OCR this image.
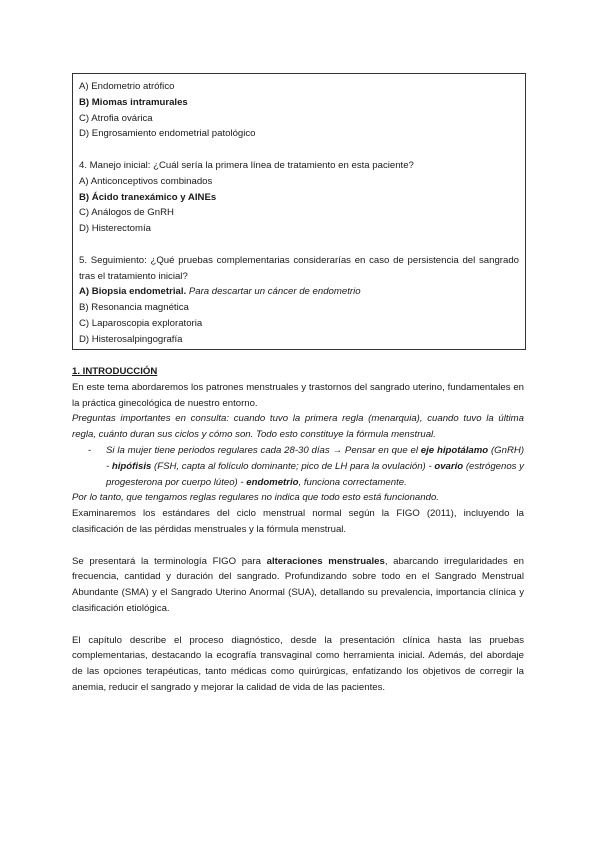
A) Endometrio atrófico

B) Miomas intramurales

C) Atrofia ovárica

D) Engrosamiento endometrial patológico

4. Manejo inicial: ¿Cuál sería la primera línea de tratamiento en esta paciente?

A) Anticonceptivos combinados

B) Ácido tranexámico y AINEs

C) Análogos de GnRH

D) Histerectomía

5. Seguimiento: ¿Qué pruebas complementarias considerarías en caso de persistencia del sangrado tras el tratamiento inicial?

A) Biopsia endometrial. Para descartar un cáncer de endometrio

B) Resonancia magnética

C) Laparoscopia exploratoria

D) Histerosalpingografía

1. INTRODUCCIÓN

En este tema abordaremos los patrones menstruales y trastornos del sangrado uterino, fundamentales en la práctica ginecológica de nuestro entorno.

Preguntas importantes en consulta: cuando tuvo la primera regla (menarquia), cuando tuvo la última regla, cuánto duran sus ciclos y cómo son. Todo esto constituye la fórmula menstrual.

-	Si la mujer tiene periodos regulares cada 28-30 días → Pensar en que el eje hipotálamo (GnRH) - hipófisis (FSH, capta al folículo dominante; pico de LH para la ovulación) - ovario (estrógenos y progesterona por cuerpo lúteo) - endometrio, funciona correctamente.

Por lo tanto, que tengamos reglas regulares no indica que todo esto está funcionando.

Examinaremos los estándares del ciclo menstrual normal según la FIGO (2011), incluyendo la clasificación de las pérdidas menstruales y la fórmula menstrual.

Se presentará la terminología FIGO para alteraciones menstruales, abarcando irregularidades en frecuencia, cantidad y duración del sangrado. Profundizando sobre todo en el Sangrado Menstrual Abundante (SMA) y el Sangrado Uterino Anormal (SUA), detallando su prevalencia, importancia clínica y clasificación etiológica.

El capítulo describe el proceso diagnóstico, desde la presentación clínica hasta las pruebas complementarias, destacando la ecografía transvaginal como herramienta inicial. Además, del abordaje de las opciones terapéuticas, tanto médicas como quirúrgicas, enfatizando los objetivos de corregir la anemia, reducir el sangrado y mejorar la calidad de vida de las pacientes.
